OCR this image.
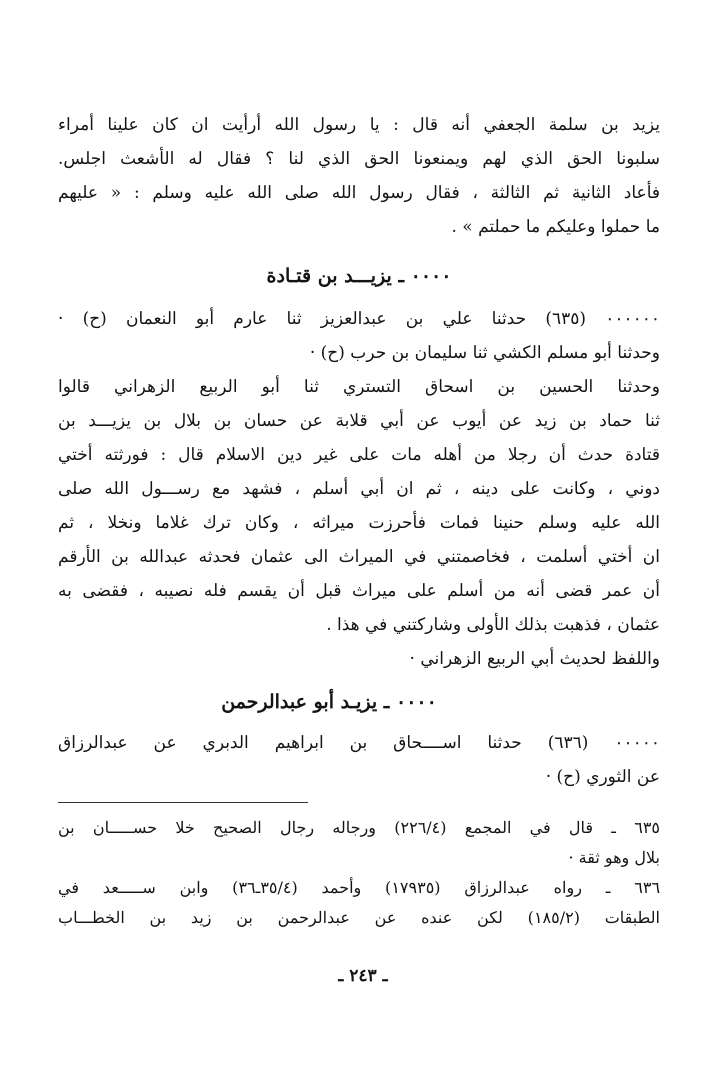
يزيد بن سلمة الجعفي أنه قال : يا رسول الله أرأيت ان كان علينا أمراء
سلبونا الحق الذي لهم ويمنعونا الحق الذي لنا ؟ فقال له الأشعث اجلس.
فأعاد الثانية ثم الثالثة ، فقال رسول الله صلى الله عليه وسلم : « عليهم
ما حملوا وعليكم ما حملتم » .
٠٠٠٠ ـ يزيـــد بن قتـادة
٠٠٠٠٠٠ (٦٣٥) حدثنا علي بن عبدالعزيز ثنا عارم أبو النعمان (ح) ·
وحدثنا أبو مسلم الكشي ثنا سليمان بن حرب (ح) ·
وحدثنا الحسين بن اسحاق التستري ثنا أبو الربيع الزهراني قالوا
ثنا حماد بن زيد عن أيوب عن أبي قلابة عن حسان بن بلال بن يزيـــد بن
قتادة حدث أن رجلا من أهله مات على غير دين الاسلام قال : فورثته أختي
دوني ، وكانت على دينه ، ثم ان أبي أسلم ، فشهد مع رســـول الله صلى
الله عليه وسلم حنينا فمات فأحرزت ميراثه ، وكان ترك غلاما ونخلا ، ثم
ان أختي أسلمت ، فخاصمتني في الميراث الى عثمان فحدثه عبدالله بن الأرقم
أن عمر قضى أنه من أسلم على ميراث قبل أن يقسم فله نصيبه ، فقضى به
عثمان ، فذهبت بذلك الأولى وشاركتني في هذا .
واللفظ لحديث أبي الربيع الزهراني ·
٠٠٠٠ ـ يزيـد أبو عبدالرحمن
٠٠٠٠٠ (٦٣٦) حدثنا اســــحاق بن ابراهيم الدبري عن عبدالرزاق
عن الثوري (ح) ·
٦٣٥ ـ قال في المجمع (٢٢٦/٤) ورجاله رجال الصحيح خلا حســـــان بن
بلال وهو ثقة ·
٦٣٦ ـ رواه عبدالرزاق (١٧٩٣٥) وأحمد (٣٥/٤ـ٣٦) وابن ســـــعد في
الطبقات (١٨٥/٢) لكن عنده عن عبدالرحمن بن زيد بن الخطـــاب
ـ ٢٤٣ ـ
